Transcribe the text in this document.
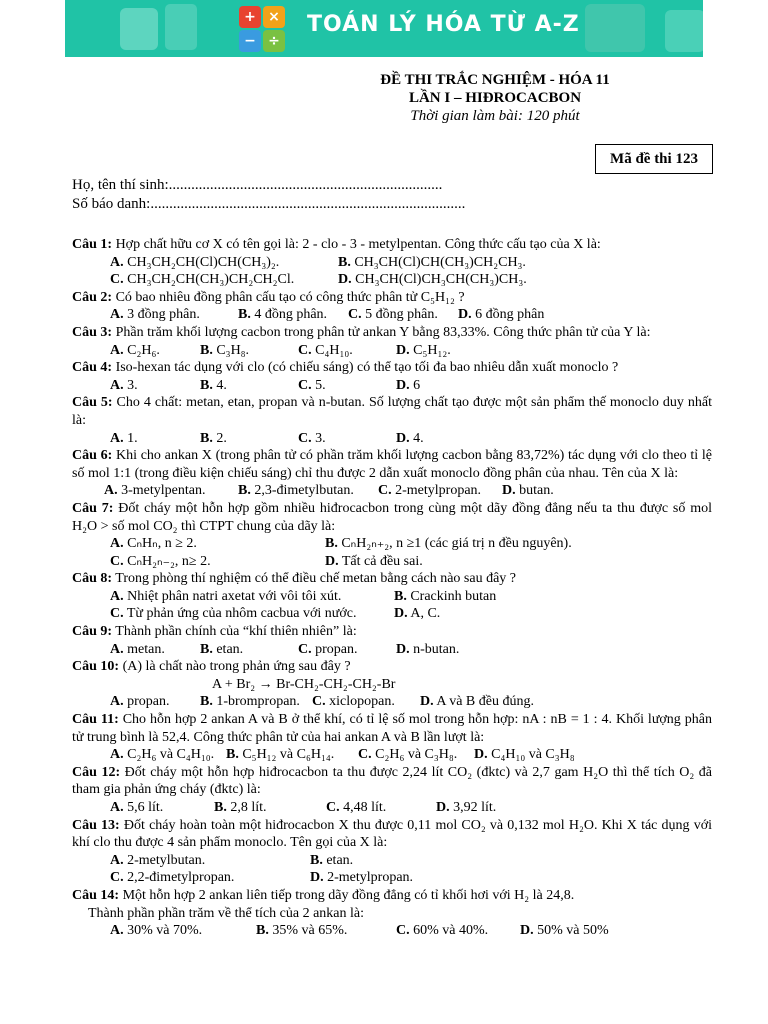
+ ×
− ÷
TOÁN LÝ HÓA TỪ A-Z
ĐỀ THI TRẮC NGHIỆM - HÓA 11
LẦN I – HIĐROCACBON
Thời gian làm bài: 120 phút
Mã đề thi 123
Họ, tên thí sinh:.........................................................................
Số báo danh:....................................................................................
Câu 1: Hợp chất hữu cơ X có tên gọi là: 2 - clo - 3 - metylpentan. Công thức cấu tạo của X là:
A. CH₃CH₂CH(Cl)CH(CH₃)₂.	B. CH₃CH(Cl)CH(CH₃)CH₂CH₃.
C. CH₃CH₂CH(CH₃)CH₂CH₂Cl.	D. CH₃CH(Cl)CH₃CH(CH₃)CH₃.
Câu 2: Có bao nhiêu đồng phân cấu tạo có công thức phân tử C₅H₁₂ ?
A. 3 đồng phân.	B. 4 đồng phân.	C. 5 đồng phân.	D. 6 đồng phân
Câu 3: Phần trăm khối lượng cacbon trong phân tử ankan Y bằng 83,33%. Công thức phân tử của Y là:
A. C₂H₆.	B. C₃H₈.	C. C₄H₁₀.	D. C₅H₁₂.
Câu 4: Iso-hexan tác dụng với clo (có chiếu sáng) có thể tạo tối đa bao nhiêu dẫn xuất monoclo ?
A. 3.	B. 4.	C. 5.	D. 6
Câu 5: Cho 4 chất: metan, etan, propan và n-butan. Số lượng chất tạo được một sản phẩm thế monoclo duy nhất là:
A. 1.	B. 2.	C. 3.	D. 4.
Câu 6: Khi cho ankan X (trong phân tử có phần trăm khối lượng cacbon bằng 83,72%) tác dụng với clo theo tỉ lệ số mol 1:1 (trong điều kiện chiếu sáng) chỉ thu được 2 dẫn xuất monoclo đồng phân của nhau. Tên của X là:
A. 3-metylpentan.	B. 2,3-đimetylbutan.	C. 2-metylpropan.	D. butan.
Câu 7: Đốt cháy một hỗn hợp gồm nhiều hiđrocacbon trong cùng một dãy đồng đẳng nếu ta thu được số mol H₂O > số mol CO₂ thì CTPT chung của dãy là:
A. CₙHₙ, n ≥ 2.	B. CₙH₂ₙ₊₂, n ≥1 (các giá trị n đều nguyên).
C. CₙH₂ₙ₋₂, n≥ 2.	D. Tất cả đều sai.
Câu 8: Trong phòng thí nghiệm có thể điều chế metan bằng cách nào sau đây ?
A. Nhiệt phân natri axetat với vôi tôi xút.	B. Crackinh butan
C. Từ phản ứng của nhôm cacbua với nước.	D. A, C.
Câu 9: Thành phần chính của “khí thiên nhiên” là:
A. metan.	B. etan.	C. propan.	D. n-butan.
Câu 10: (A) là chất nào trong phản ứng sau đây ?
A + Br₂ → Br-CH₂-CH₂-CH₂-Br
A. propan.	B. 1-brompropan. C. xiclopopan.	D. A và B đều đúng.
Câu 11: Cho hỗn hợp 2 ankan A và B ở thể khí, có tỉ lệ số mol trong hỗn hợp: nA : nB = 1 : 4. Khối lượng phân tử trung bình là 52,4. Công thức phân tử của hai ankan A và B lần lượt là:
A. C₂H₆ và C₄H₁₀. B. C₅H₁₂ và C₆H₁₄.	C. C₂H₆ và C₃H₈.	D. C₄H₁₀ và C₃H₈
Câu 12: Đốt cháy một hỗn hợp hiđrocacbon ta thu được 2,24 lít CO₂ (đktc) và 2,7 gam H₂O thì thể tích O₂ đã tham gia phản ứng cháy (đktc) là:
A. 5,6 lít.	B. 2,8 lít.	C. 4,48 lít.	D. 3,92 lít.
Câu 13: Đốt cháy hoàn toàn một hiđrocacbon X thu được 0,11 mol CO₂ và 0,132 mol H₂O. Khi X tác dụng với khí clo thu được 4 sản phẩm monoclo. Tên gọi của X là:
A. 2-metylbutan.	B. etan.
C. 2,2-đimetylpropan.	D. 2-metylpropan.
Câu 14: Một hỗn hợp 2 ankan liên tiếp trong dãy đồng đẳng có tỉ khối hơi với H₂ là 24,8.
Thành phần phần trăm về thể tích của 2 ankan là:
A. 30% và 70%.	B. 35% và 65%.	C. 60% và 40%.	D. 50% và 50%
